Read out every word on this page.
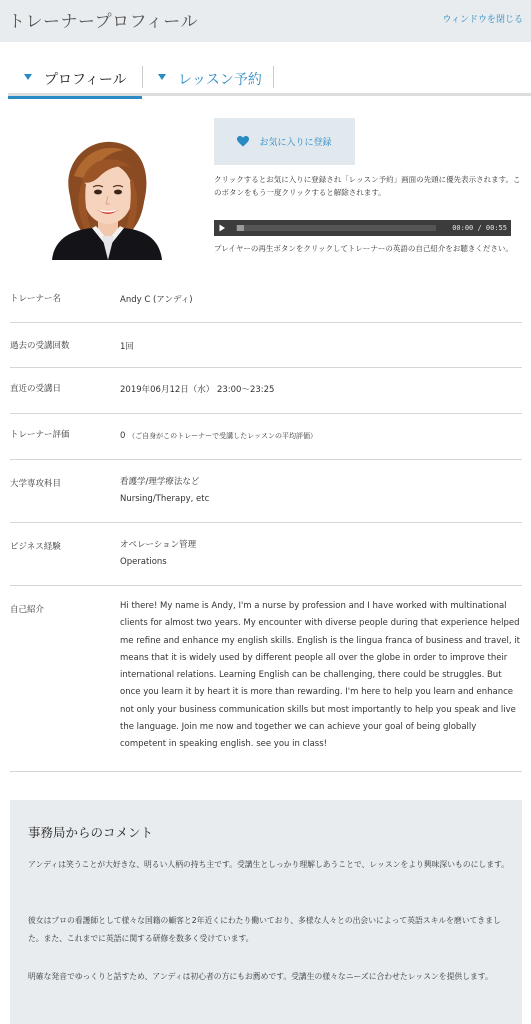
トレーナープロフィール	ウィンドウを閉じる
プロフィール	レッスン予約
お気に入りに登録
クリックするとお気に入りに登録され「レッスン予約」画面の先頭に優先表示されます。このボタンをもう一度クリックすると解除されます。
00:00 / 00:55
プレイヤーの再生ボタンをクリックしてトレーナーの英語の自己紹介をお聴きください。
トレーナー名	Andy C (アンディ)
過去の受講回数	1回
直近の受講日	2019年06月12日（水） 23:00〜23:25
トレーナー評価	0 （ご自身がこのトレーナーで受講したレッスンの平均評価）
大学専攻科目	看護学/理学療法など
Nursing/Therapy, etc
ビジネス経験	オペレーション管理
Operations
自己紹介	Hi there! My name is Andy, I'm a nurse by profession and I have worked with multinational clients for almost two years. My encounter with diverse people during that experience helped me refine and enhance my english skills. English is the lingua franca of business and travel, it means that it is widely used by different people all over the globe in order to improve their international relations. Learning English can be challenging, there could be struggles. But once you learn it by heart it is more than rewarding. I'm here to help you learn and enhance not only your business communication skills but most importantly to help you speak and live the language. Join me now and together we can achieve your goal of being globally competent in speaking english. see you in class!
事務局からのコメント
アンディは笑うことが大好きな、明るい人柄の持ち主です。受講生としっかり理解しあうことで、レッスンをより興味深いものにします。
彼女はプロの看護師として様々な国籍の顧客と2年近くにわたり働いており、多様な人々との出会いによって英語スキルを磨いてきました。また、これまでに英語に関する研修を数多く受けています。
明確な発音でゆっくりと話すため、アンディは初心者の方にもお薦めです。受講生の様々なニーズに合わせたレッスンを提供します。
